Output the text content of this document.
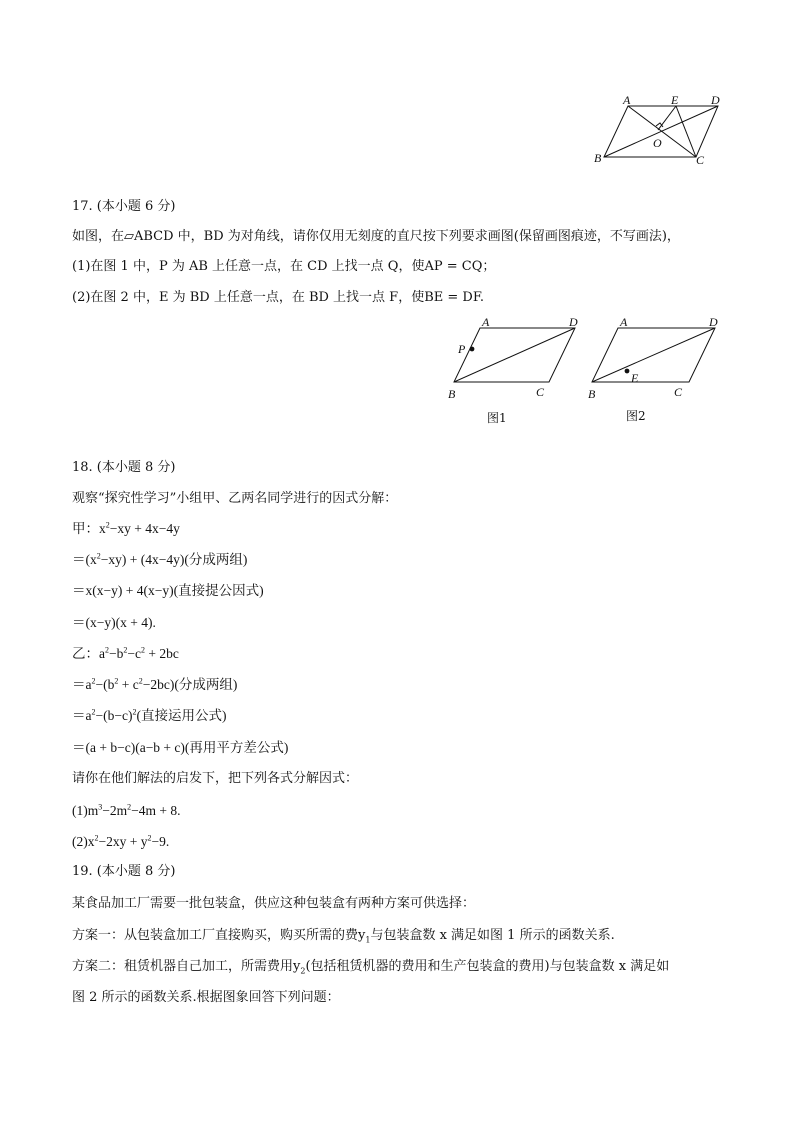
A	E	D
O
B	C
17. (本小题 6 分)
如图，在▱ABCD 中，BD 为对角线，请你仅用无刻度的直尺按下列要求画图(保留画图痕迹，不写画法)，
(1)在图 1 中，P 为 AB 上任意一点，在 CD 上找一点 Q，使AP = CQ；
(2)在图 2 中，E 为 BD 上任意一点，在 BD 上找一点 F，使BE = DF.
A	D
P
B	C
图1
A	D
E
B	C
图2
18. (本小题 8 分)
观察“探究性学习”小组甲、乙两名同学进行的因式分解：
甲：$x^2-xy + 4x-4y$
$=(x^2-xy) + (4x-4y)$(分成两组)
＝x(x−y) + 4(x−y)(直接提公因式)
＝(x−y)(x + 4).
乙：$a^2-b^2-c^2 + 2bc$
$=a^2-(b^2 + c^2-2bc)$(分成两组)
$=a^2-(b-c)^2$(直接运用公式)
＝(a + b−c)(a−b + c)(再用平方差公式)
请你在他们解法的启发下，把下列各式分解因式：
$(1)m^3-2m^2-4m + 8$.
$(2)x^2-2xy + y^2-9$.
19. (本小题 8 分)
某食品加工厂需要一批包装盒，供应这种包装盒有两种方案可供选择：
方案一：从包装盒加工厂直接购买，购买所需的费$y_1$与包装盒数 x 满足如图 1 所示的函数关系.
方案二：租赁机器自己加工，所需费用$y_2$(包括租赁机器的费用和生产包装盒的费用)与包装盒数 x 满足如
图 2 所示的函数关系.根据图象回答下列问题：
